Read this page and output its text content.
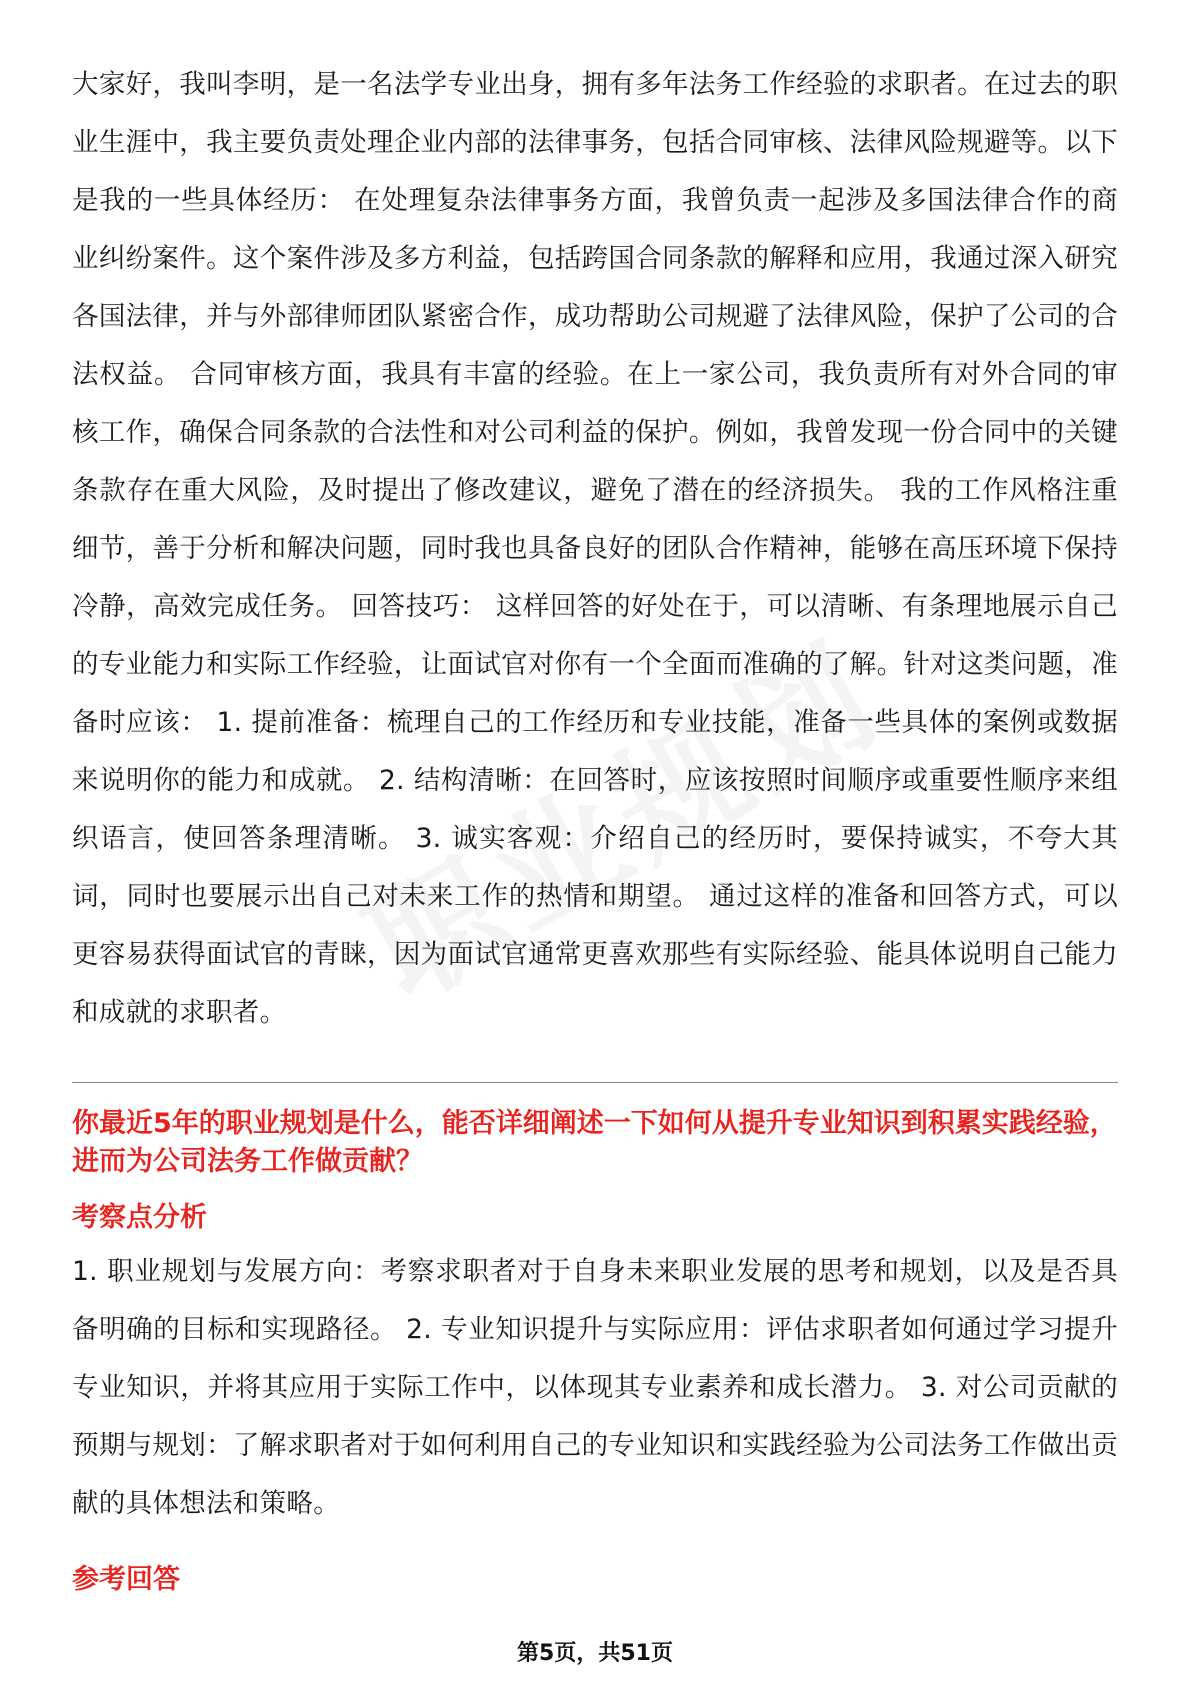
大家好，我叫李明，是一名法学专业出身，拥有多年法务工作经验的求职者。在过去的职业生涯中，我主要负责处理企业内部的法律事务，包括合同审核、法律风险规避等。以下是我的一些具体经历： 在处理复杂法律事务方面，我曾负责一起涉及多国法律合作的商业纠纷案件。这个案件涉及多方利益，包括跨国合同条款的解释和应用，我通过深入研究各国法律，并与外部律师团队紧密合作，成功帮助公司规避了法律风险，保护了公司的合法权益。 合同审核方面，我具有丰富的经验。在上一家公司，我负责所有对外合同的审核工作，确保合同条款的合法性和对公司利益的保护。例如，我曾发现一份合同中的关键条款存在重大风险，及时提出了修改建议，避免了潜在的经济损失。 我的工作风格注重细节，善于分析和解决问题，同时我也具备良好的团队合作精神，能够在高压环境下保持冷静，高效完成任务。 回答技巧： 这样回答的好处在于，可以清晰、有条理地展示自己的专业能力和实际工作经验，让面试官对你有一个全面而准确的了解。针对这类问题，准备时应该： 1. 提前准备：梳理自己的工作经历和专业技能，准备一些具体的案例或数据来说明你的能力和成就。 2. 结构清晰：在回答时，应该按照时间顺序或重要性顺序来组织语言，使回答条理清晰。 3. 诚实客观：介绍自己的经历时，要保持诚实，不夸大其词，同时也要展示出自己对未来工作的热情和期望。 通过这样的准备和回答方式，可以更容易获得面试官的青睐，因为面试官通常更喜欢那些有实际经验、能具体说明自己能力和成就的求职者。

你最近5年的职业规划是什么，能否详细阐述一下如何从提升专业知识到积累实践经验，进而为公司法务工作做贡献？

考察点分析

1. 职业规划与发展方向：考察求职者对于自身未来职业发展的思考和规划，以及是否具备明确的目标和实现路径。 2. 专业知识提升与实际应用：评估求职者如何通过学习提升专业知识，并将其应用于实际工作中，以体现其专业素养和成长潜力。 3. 对公司贡献的预期与规划：了解求职者对于如何利用自己的专业知识和实践经验为公司法务工作做出贡献的具体想法和策略。

参考回答

第5页，共51页
